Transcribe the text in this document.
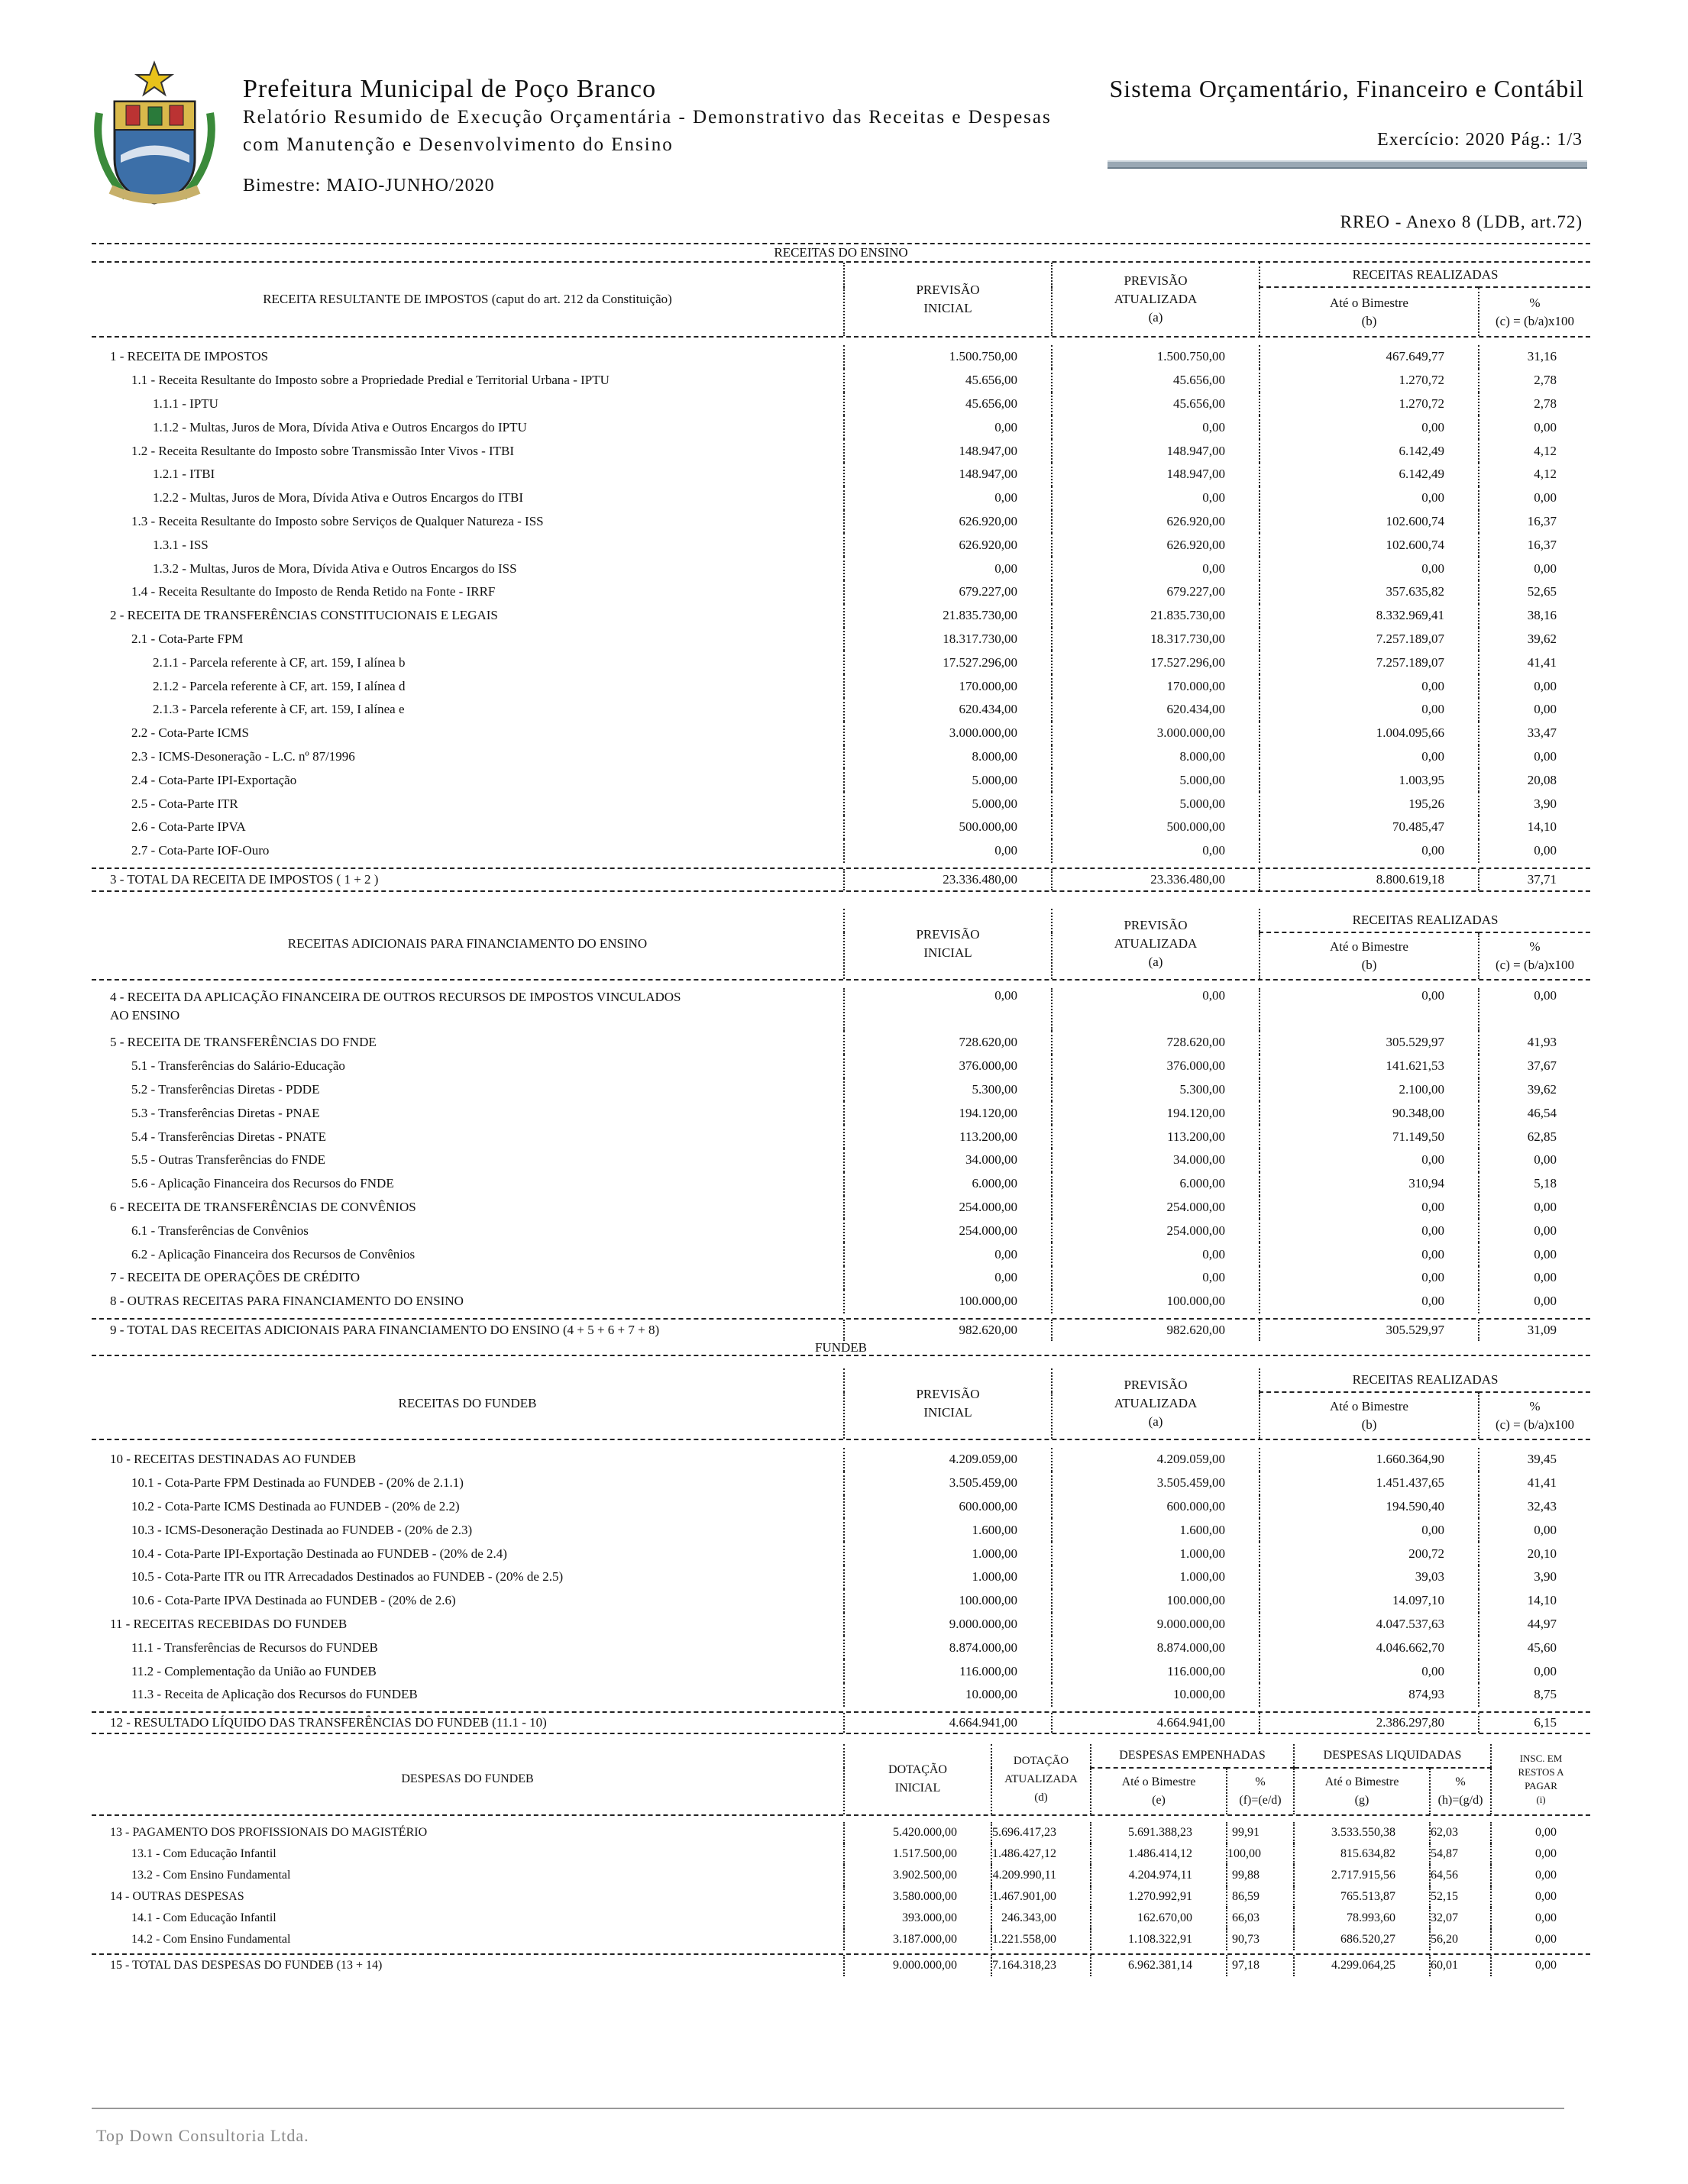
Prefeitura Municipal de Poço Branco
Relatório Resumido de Execução Orçamentária - Demonstrativo das Receitas e Despesas
com Manutenção e Desenvolvimento do Ensino
Sistema Orçamentário, Financeiro e Contábil
Exercício: 2020 Pág.: 1/3
Bimestre: MAIO-JUNHO/2020
RREO - Anexo 8 (LDB, art.72)
RECEITAS DO ENSINO
RECEITA RESULTANTE DE IMPOSTOS (caput do art. 212 da Constituição)	PREVISÃO
INICIAL	PREVISÃO
ATUALIZADA
(a)	RECEITAS REALIZADAS	
			Até o Bimestre
(b)	%
(c) = (b/a)x100
1 - RECEITA DE IMPOSTOS	1.500.750,00	1.500.750,00	467.649,77	31,16
1.1 - Receita Resultante do Imposto sobre a Propriedade Predial e Territorial Urbana - IPTU	45.656,00	45.656,00	1.270,72	2,78
1.1.1 - IPTU	45.656,00	45.656,00	1.270,72	2,78
1.1.2 - Multas, Juros de Mora, Dívida Ativa e Outros Encargos do IPTU	0,00	0,00	0,00	0,00
1.2 - Receita Resultante do Imposto sobre Transmissão Inter Vivos - ITBI	148.947,00	148.947,00	6.142,49	4,12
1.2.1 - ITBI	148.947,00	148.947,00	6.142,49	4,12
1.2.2 - Multas, Juros de Mora, Dívida Ativa e Outros Encargos do ITBI	0,00	0,00	0,00	0,00
1.3 - Receita Resultante do Imposto sobre Serviços de Qualquer Natureza - ISS	626.920,00	626.920,00	102.600,74	16,37
1.3.1 - ISS	626.920,00	626.920,00	102.600,74	16,37
1.3.2 - Multas, Juros de Mora, Dívida Ativa e Outros Encargos do ISS	0,00	0,00	0,00	0,00
1.4 - Receita Resultante do Imposto de Renda Retido na Fonte - IRRF	679.227,00	679.227,00	357.635,82	52,65
2 - RECEITA DE TRANSFERÊNCIAS CONSTITUCIONAIS E LEGAIS	21.835.730,00	21.835.730,00	8.332.969,41	38,16
2.1 - Cota-Parte FPM	18.317.730,00	18.317.730,00	7.257.189,07	39,62
2.1.1 - Parcela referente à CF, art. 159, I alínea b	17.527.296,00	17.527.296,00	7.257.189,07	41,41
2.1.2 - Parcela referente à CF, art. 159, I alínea d	170.000,00	170.000,00	0,00	0,00
2.1.3 - Parcela referente à CF, art. 159, I alínea e	620.434,00	620.434,00	0,00	0,00
2.2 - Cota-Parte ICMS	3.000.000,00	3.000.000,00	1.004.095,66	33,47
2.3 - ICMS-Desoneração - L.C. nº 87/1996	8.000,00	8.000,00	0,00	0,00
2.4 - Cota-Parte IPI-Exportação	5.000,00	5.000,00	1.003,95	20,08
2.5 - Cota-Parte ITR	5.000,00	5.000,00	195,26	3,90
2.6 - Cota-Parte IPVA	500.000,00	500.000,00	70.485,47	14,10
2.7 - Cota-Parte IOF-Ouro	0,00	0,00	0,00	0,00
3 - TOTAL DA RECEITA DE IMPOSTOS ( 1 + 2 )	23.336.480,00	23.336.480,00	8.800.619,18	37,71
RECEITAS ADICIONAIS PARA FINANCIAMENTO DO ENSINO	PREVISÃO
INICIAL	PREVISÃO
ATUALIZADA
(a)	RECEITAS REALIZADAS	
			Até o Bimestre
(b)	%
(c) = (b/a)x100
4 - RECEITA DA APLICAÇÃO FINANCEIRA DE OUTROS RECURSOS DE IMPOSTOS VINCULADOS
AO ENSINO	0,00	0,00	0,00	0,00
5 - RECEITA DE TRANSFERÊNCIAS DO FNDE	728.620,00	728.620,00	305.529,97	41,93
5.1 - Transferências do Salário-Educação	376.000,00	376.000,00	141.621,53	37,67
5.2 - Transferências Diretas - PDDE	5.300,00	5.300,00	2.100,00	39,62
5.3 - Transferências Diretas - PNAE	194.120,00	194.120,00	90.348,00	46,54
5.4 - Transferências Diretas - PNATE	113.200,00	113.200,00	71.149,50	62,85
5.5 - Outras Transferências do FNDE	34.000,00	34.000,00	0,00	0,00
5.6 - Aplicação Financeira dos Recursos do FNDE	6.000,00	6.000,00	310,94	5,18
6 - RECEITA DE TRANSFERÊNCIAS DE CONVÊNIOS	254.000,00	254.000,00	0,00	0,00
6.1 - Transferências de Convênios	254.000,00	254.000,00	0,00	0,00
6.2 - Aplicação Financeira dos Recursos de Convênios	0,00	0,00	0,00	0,00
7 - RECEITA DE OPERAÇÕES DE CRÉDITO	0,00	0,00	0,00	0,00
8 - OUTRAS RECEITAS PARA FINANCIAMENTO DO ENSINO	100.000,00	100.000,00	0,00	0,00
9 - TOTAL DAS RECEITAS ADICIONAIS PARA FINANCIAMENTO DO ENSINO (4 + 5 + 6 + 7 + 8)	982.620,00	982.620,00	305.529,97	31,09
FUNDEB
RECEITAS DO FUNDEB	PREVISÃO
INICIAL	PREVISÃO
ATUALIZADA
(a)	RECEITAS REALIZADAS	
			Até o Bimestre
(b)	%
(c) = (b/a)x100
10 - RECEITAS DESTINADAS AO FUNDEB	4.209.059,00	4.209.059,00	1.660.364,90	39,45
10.1 - Cota-Parte FPM Destinada ao FUNDEB - (20% de 2.1.1)	3.505.459,00	3.505.459,00	1.451.437,65	41,41
10.2 - Cota-Parte ICMS Destinada ao FUNDEB - (20% de 2.2)	600.000,00	600.000,00	194.590,40	32,43
10.3 - ICMS-Desoneração Destinada ao FUNDEB - (20% de 2.3)	1.600,00	1.600,00	0,00	0,00
10.4 - Cota-Parte IPI-Exportação Destinada ao FUNDEB - (20% de 2.4)	1.000,00	1.000,00	200,72	20,10
10.5 - Cota-Parte ITR ou ITR Arrecadados Destinados ao FUNDEB - (20% de 2.5)	1.000,00	1.000,00	39,03	3,90
10.6 - Cota-Parte IPVA Destinada ao FUNDEB - (20% de 2.6)	100.000,00	100.000,00	14.097,10	14,10
11 - RECEITAS RECEBIDAS DO FUNDEB	9.000.000,00	9.000.000,00	4.047.537,63	44,97
11.1 - Transferências de Recursos do FUNDEB	8.874.000,00	8.874.000,00	4.046.662,70	45,60
11.2 - Complementação da União ao FUNDEB	116.000,00	116.000,00	0,00	0,00
11.3 - Receita de Aplicação dos Recursos do FUNDEB	10.000,00	10.000,00	874,93	8,75
12 - RESULTADO LÍQUIDO DAS TRANSFERÊNCIAS DO FUNDEB (11.1 - 10)	4.664.941,00	4.664.941,00	2.386.297,80	6,15
DESPESAS DO FUNDEB	DOTAÇÃO
INICIAL	DOTAÇÃO
ATUALIZADA
(d)	DESPESAS EMPENHADAS		DESPESAS LIQUIDADAS		INSC. EM
RESTOS A
PAGAR
(i)
			Até o Bimestre
(e)	%
(f)=(e/d)	Até o Bimestre
(g)	%
(h)=(g/d)	
13 - PAGAMENTO DOS PROFISSIONAIS DO MAGISTÉRIO	5.420.000,00	5.696.417,23	5.691.388,23	99,91	3.533.550,38	62,03	0,00
13.1 - Com Educação Infantil	1.517.500,00	1.486.427,12	1.486.414,12	100,00	815.634,82	54,87	0,00
13.2 - Com Ensino Fundamental	3.902.500,00	4.209.990,11	4.204.974,11	99,88	2.717.915,56	64,56	0,00
14 - OUTRAS DESPESAS	3.580.000,00	1.467.901,00	1.270.992,91	86,59	765.513,87	52,15	0,00
14.1 - Com Educação Infantil	393.000,00	246.343,00	162.670,00	66,03	78.993,60	32,07	0,00
14.2 - Com Ensino Fundamental	3.187.000,00	1.221.558,00	1.108.322,91	90,73	686.520,27	56,20	0,00
15 - TOTAL DAS DESPESAS DO FUNDEB (13 + 14)	9.000.000,00	7.164.318,23	6.962.381,14	97,18	4.299.064,25	60,01	0,00
Top Down Consultoria Ltda.
